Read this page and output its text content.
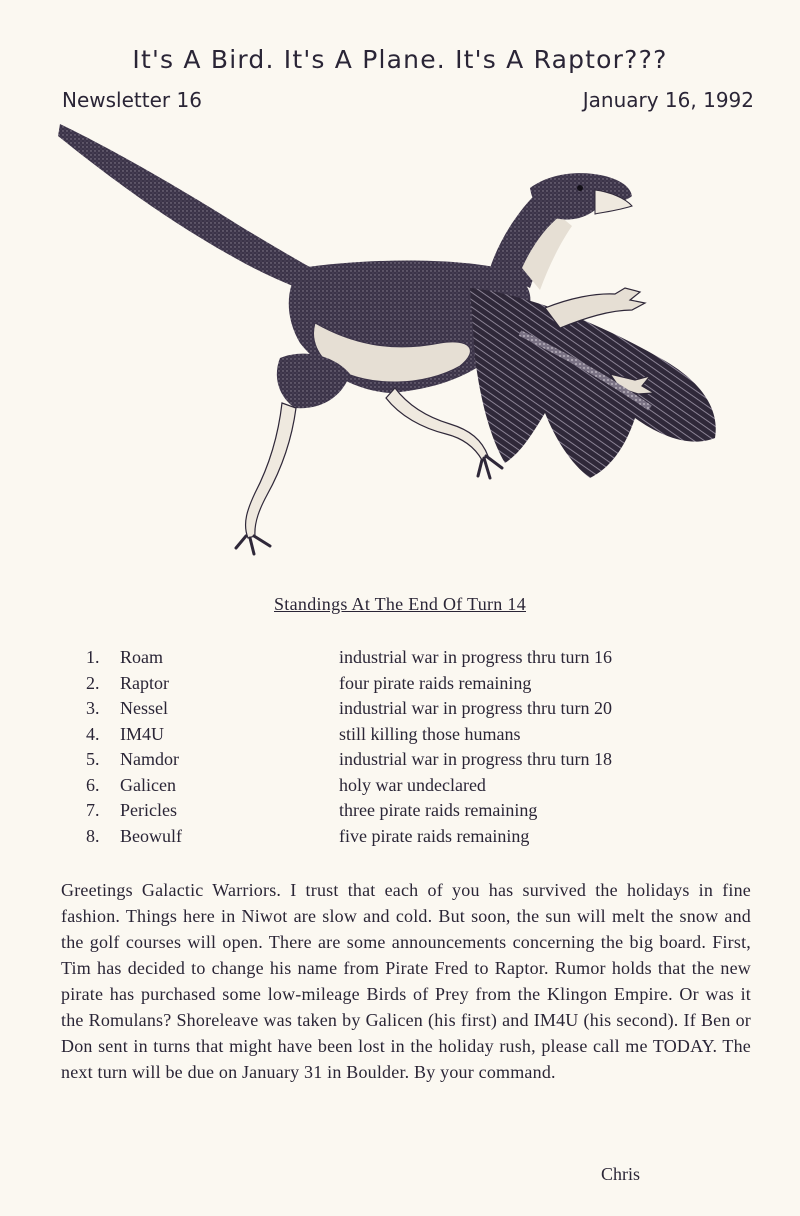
It's A Bird. It's A Plane. It's A Raptor???
Newsletter 16	January 16, 1992
Standings At The End Of Turn 14
1.	Roam	industrial war in progress thru turn 16
2.	Raptor	four pirate raids remaining
3.	Nessel	industrial war in progress thru turn 20
4.	IM4U	still killing those humans
5.	Namdor	industrial war in progress thru turn 18
6.	Galicen	holy war undeclared
7.	Pericles	three pirate raids remaining
8.	Beowulf	five pirate raids remaining

Greetings Galactic Warriors. I trust that each of you has survived the holidays in fine fashion. Things here in Niwot are slow and cold. But soon, the sun will melt the snow and the golf courses will open. There are some announcements concerning the big board. First, Tim has decided to change his name from Pirate Fred to Raptor. Rumor holds that the new pirate has purchased some low-mileage Birds of Prey from the Klingon Empire. Or was it the Romulans? Shoreleave was taken by Galicen (his first) and IM4U (his second). If Ben or Don sent in turns that might have been lost in the holiday rush, please call me TODAY. The next turn will be due on January 31 in Boulder. By your command.

Chris
